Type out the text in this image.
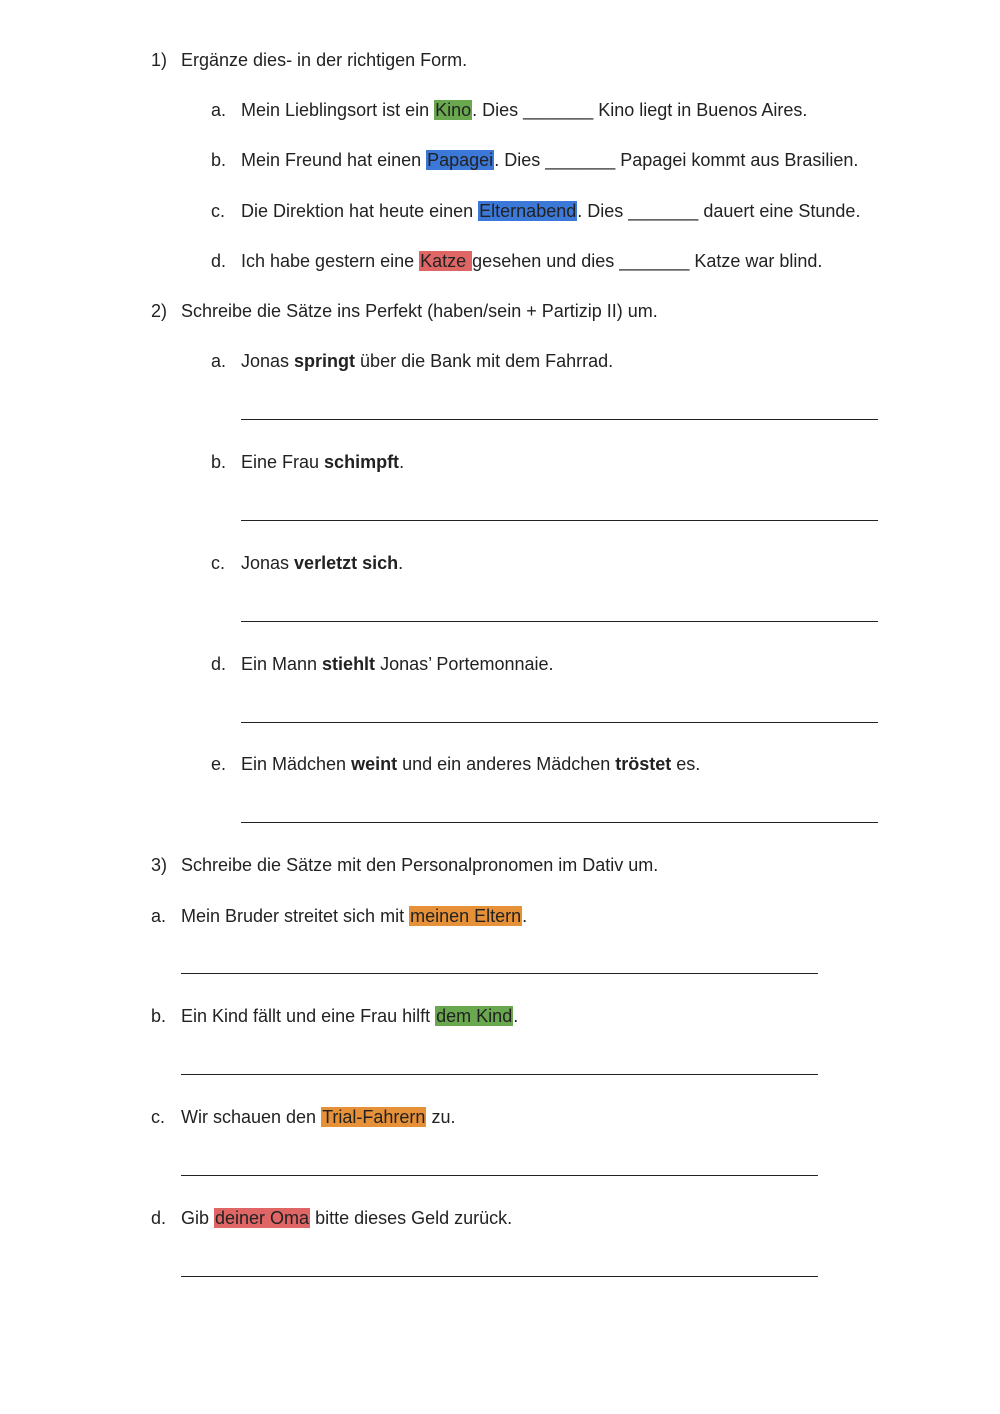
1) Ergänze dies- in der richtigen Form.
a. Mein Lieblingsort ist ein Kino. Dies _______ Kino liegt in Buenos Aires.
b. Mein Freund hat einen Papagei. Dies _______ Papagei kommt aus Brasilien.
c. Die Direktion hat heute einen Elternabend. Dies _______ dauert eine Stunde.
d. Ich habe gestern eine Katze gesehen und dies _______ Katze war blind.
2) Schreibe die Sätze ins Perfekt (haben/sein + Partizip II) um.
a. Jonas springt über die Bank mit dem Fahrrad.
b. Eine Frau schimpft.
c. Jonas verletzt sich.
d. Ein Mann stiehlt Jonas’ Portemonnaie.
e. Ein Mädchen weint und ein anderes Mädchen tröstet es.
3) Schreibe die Sätze mit den Personalpronomen im Dativ um.
a. Mein Bruder streitet sich mit meinen Eltern.
b. Ein Kind fällt und eine Frau hilft dem Kind.
c. Wir schauen den Trial-Fahrern zu.
d. Gib deiner Oma bitte dieses Geld zurück.
